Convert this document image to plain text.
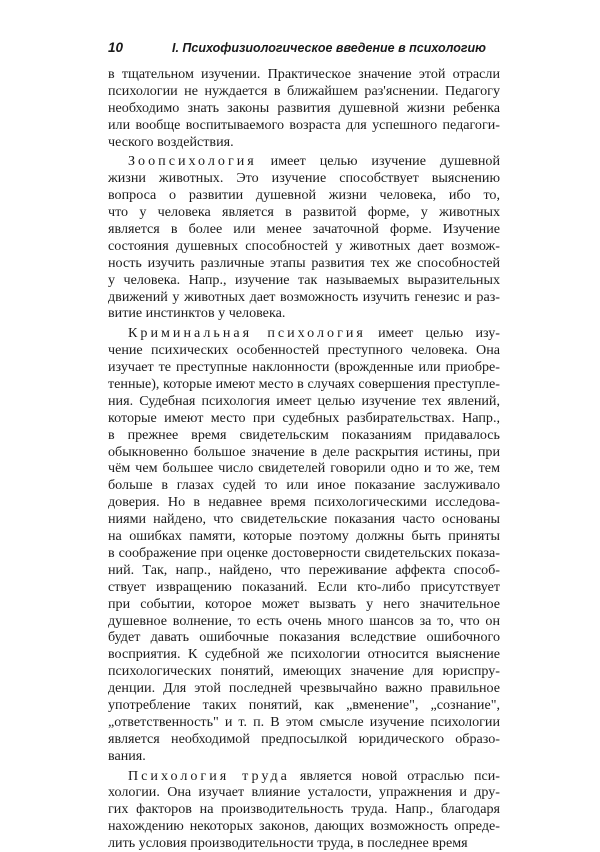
10	I. Психофизиологическое введение в психологию
в тщательном изучении. Практическое значение этой отрасли
психологии не нуждается в ближайшем раз'яснении. Педагогу
необходимо знать законы развития душевной жизни ребенка
или вообще воспитываемого возраста для успешного педагоги-
ческого воздействия.
Зоопсихология имеет целью изучение душевной
жизни животных. Это изучение способствует выяснению
вопроса о развитии душевной жизни человека, ибо то,
что у человека является в развитой форме, у животных
является в более или менее зачаточной форме. Изучение
состояния душевных способностей у животных дает возмож-
ность изучить различные этапы развития тех же способностей
у человека. Напр., изучение так называемых выразительных
движений у животных дает возможность изучить генезис и раз-
витие инстинктов у человека.
Криминальная психология имеет целью изу-
чение психических особенностей преступного человека. Она
изучает те преступные наклонности (врожденные или приобре-
тенные), которые имеют место в случаях совершения преступле-
ния. Судебная психология имеет целью изучение тех явлений,
которые имеют место при судебных разбирательствах. Напр.,
в прежнее время свидетельским показаниям придавалось
обыкновенно большое значение в деле раскрытия истины, при
чём чем большее число свидетелей говорили одно и то же, тем
больше в глазах судей то или иное показание заслуживало
доверия. Но в недавнее время психологическими исследова-
ниями найдено, что свидетельские показания часто основаны
на ошибках памяти, которые поэтому должны быть приняты
в соображение при оценке достоверности свидетельских показа-
ний. Так, напр., найдено, что переживание аффекта способ-
ствует извращению показаний. Если кто-либо присутствует
при событии, которое может вызвать у него значительное
душевное волнение, то есть очень много шансов за то, что он
будет давать ошибочные показания вследствие ошибочного
восприятия. К судебной же психологии относится выяснение
психологических понятий, имеющих значение для юриспру-
денции. Для этой последней чрезвычайно важно правильное
употребление таких понятий, как „вменение", „сознание",
„ответственность" и т. п. В этом смысле изучение психологии
является необходимой предпосылкой юридического образо-
вания.
Психология труда является новой отраслью пси-
хологии. Она изучает влияние усталости, упражнения и дру-
гих факторов на производительность труда. Напр., благодаря
нахождению некоторых законов, дающих возможность опреде-
лить условия производительности труда, в последнее время
